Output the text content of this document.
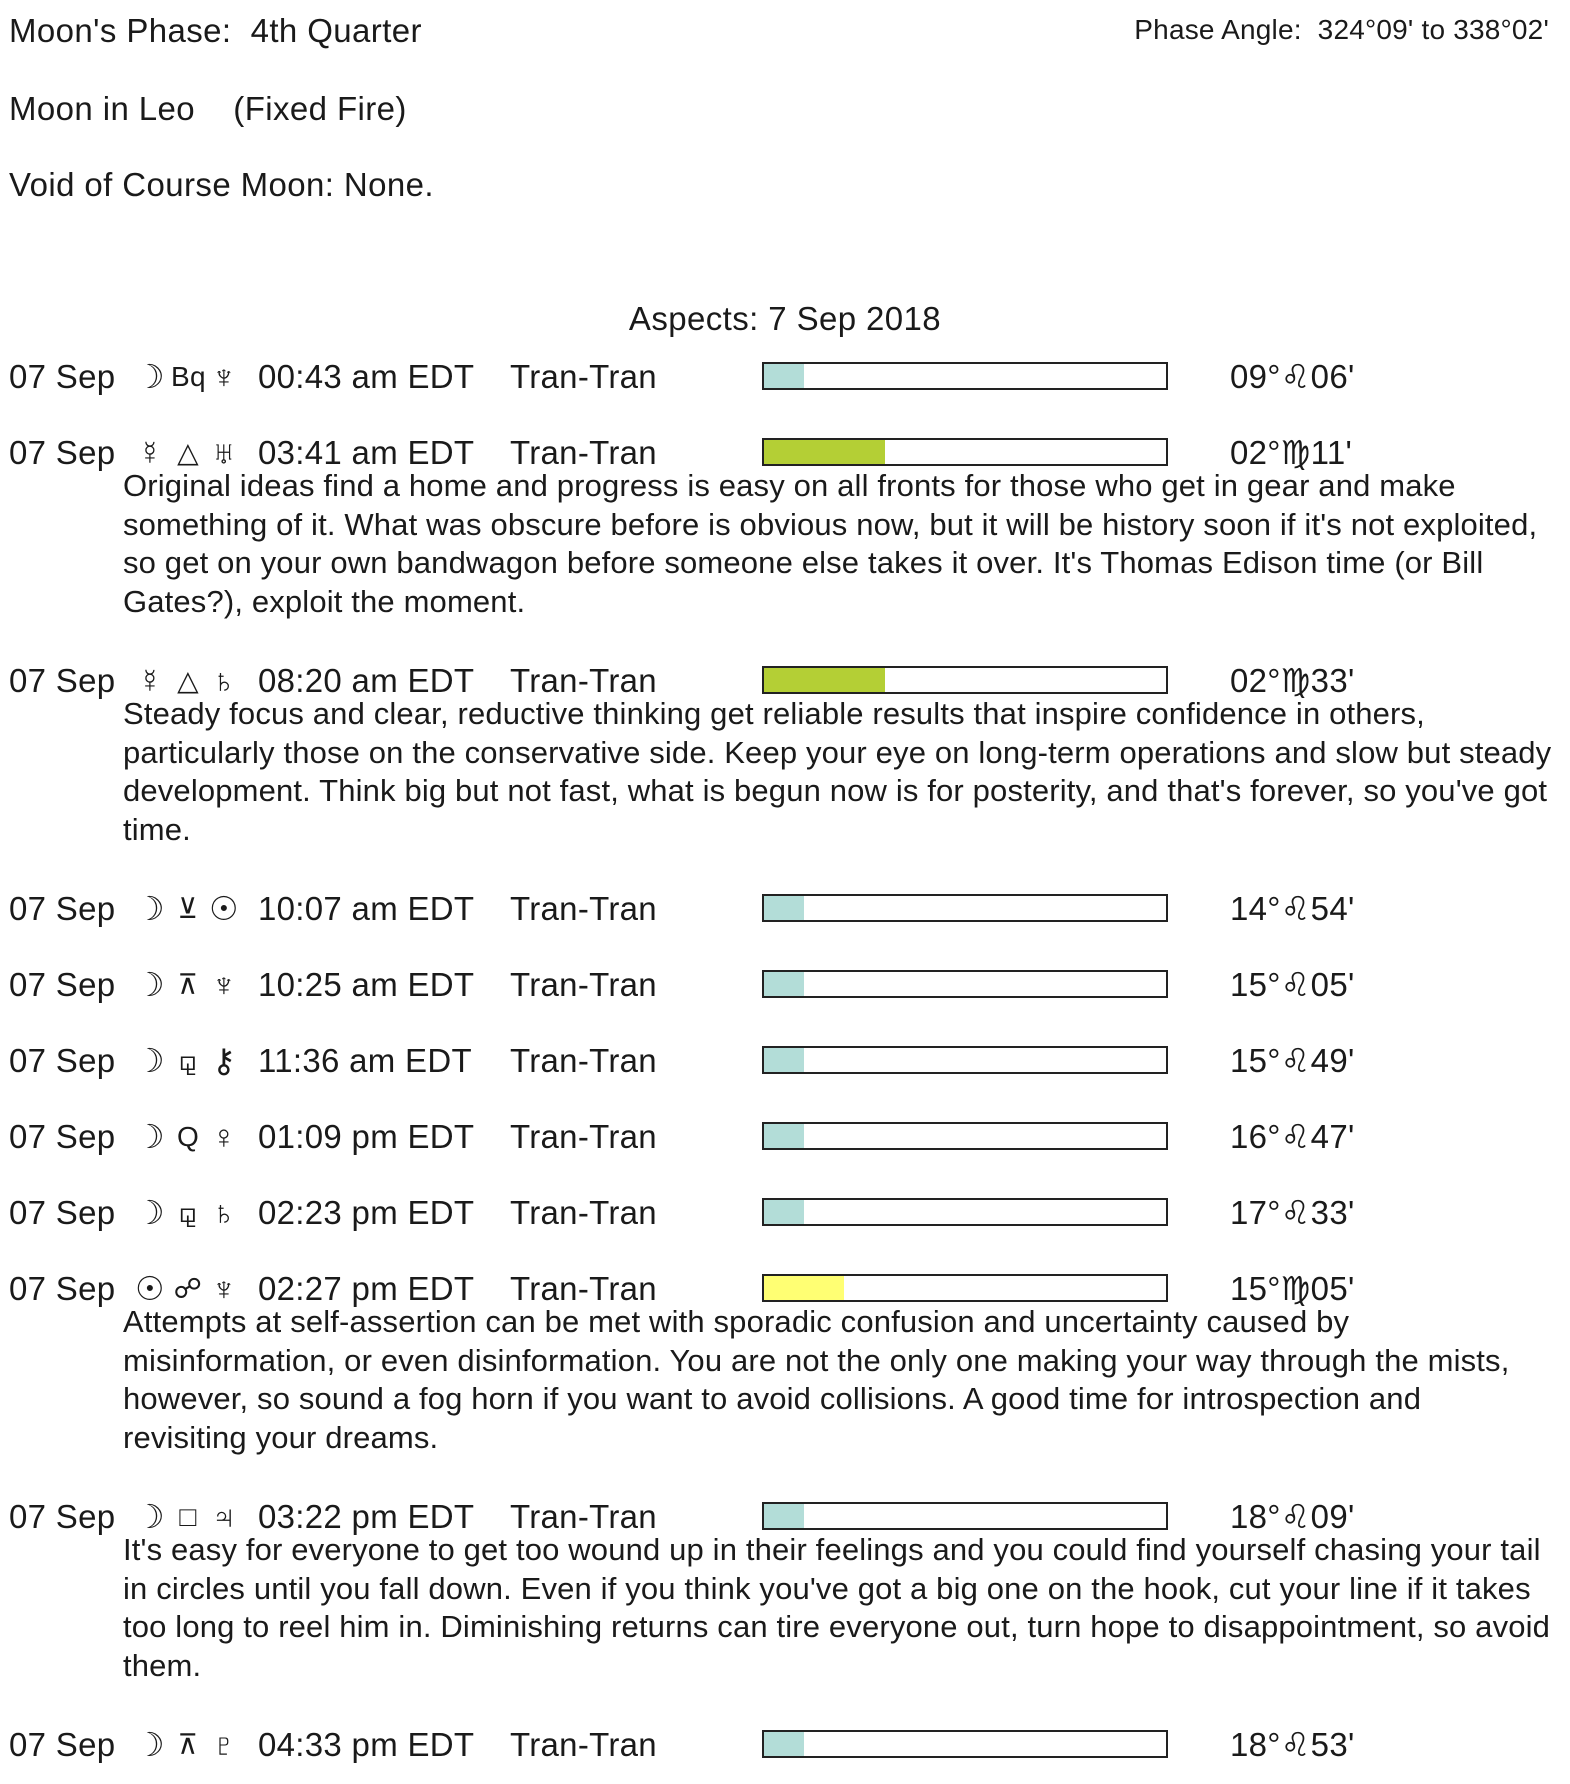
Moon's Phase:  4th Quarter	Phase Angle:  324°09' to 338°02'
Moon in Leo    (Fixed Fire)
Void of Course Moon: None.
Aspects: 7 Sep 2018
07 Sep ☽ Bq ♆ 00:43 am EDT Tran-Tran	09°♌06'
07 Sep ☿ △ ♅ 03:41 am EDT Tran-Tran	02°♍11'
Original ideas find a home and progress is easy on all fronts for those who get in gear and make something of it. What was obscure before is obvious now, but it will be history soon if it's not exploited, so get on your own bandwagon before someone else takes it over. It's Thomas Edison time (or Bill Gates?), exploit the moment.
07 Sep ☿ △ ♄ 08:20 am EDT Tran-Tran	02°♍33'
Steady focus and clear, reductive thinking get reliable results that inspire confidence in others, particularly those on the conservative side. Keep your eye on long-term operations and slow but steady development. Think big but not fast, what is begun now is for posterity, and that's forever, so you've got time.
07 Sep ☽ ⊻ ☉ 10:07 am EDT Tran-Tran	14°♌54'
07 Sep ☽ ⊼ ♆ 10:25 am EDT Tran-Tran	15°♌05'
07 Sep ☽ ⚼ ⚷ 11:36 am EDT Tran-Tran	15°♌49'
07 Sep ☽ Q ♀ 01:09 pm EDT Tran-Tran	16°♌47'
07 Sep ☽ ⚼ ♄ 02:23 pm EDT Tran-Tran	17°♌33'
07 Sep ☉ ☍ ♆ 02:27 pm EDT Tran-Tran	15°♍05'
Attempts at self-assertion can be met with sporadic confusion and uncertainty caused by misinformation, or even disinformation. You are not the only one making your way through the mists, however, so sound a fog horn if you want to avoid collisions. A good time for introspection and revisiting your dreams.
07 Sep ☽ □ ♃ 03:22 pm EDT Tran-Tran	18°♌09'
It's easy for everyone to get too wound up in their feelings and you could find yourself chasing your tail in circles until you fall down. Even if you think you've got a big one on the hook, cut your line if it takes too long to reel him in. Diminishing returns can tire everyone out, turn hope to disappointment, so avoid them.
07 Sep ☽ ⊼ ♇ 04:33 pm EDT Tran-Tran	18°♌53'
